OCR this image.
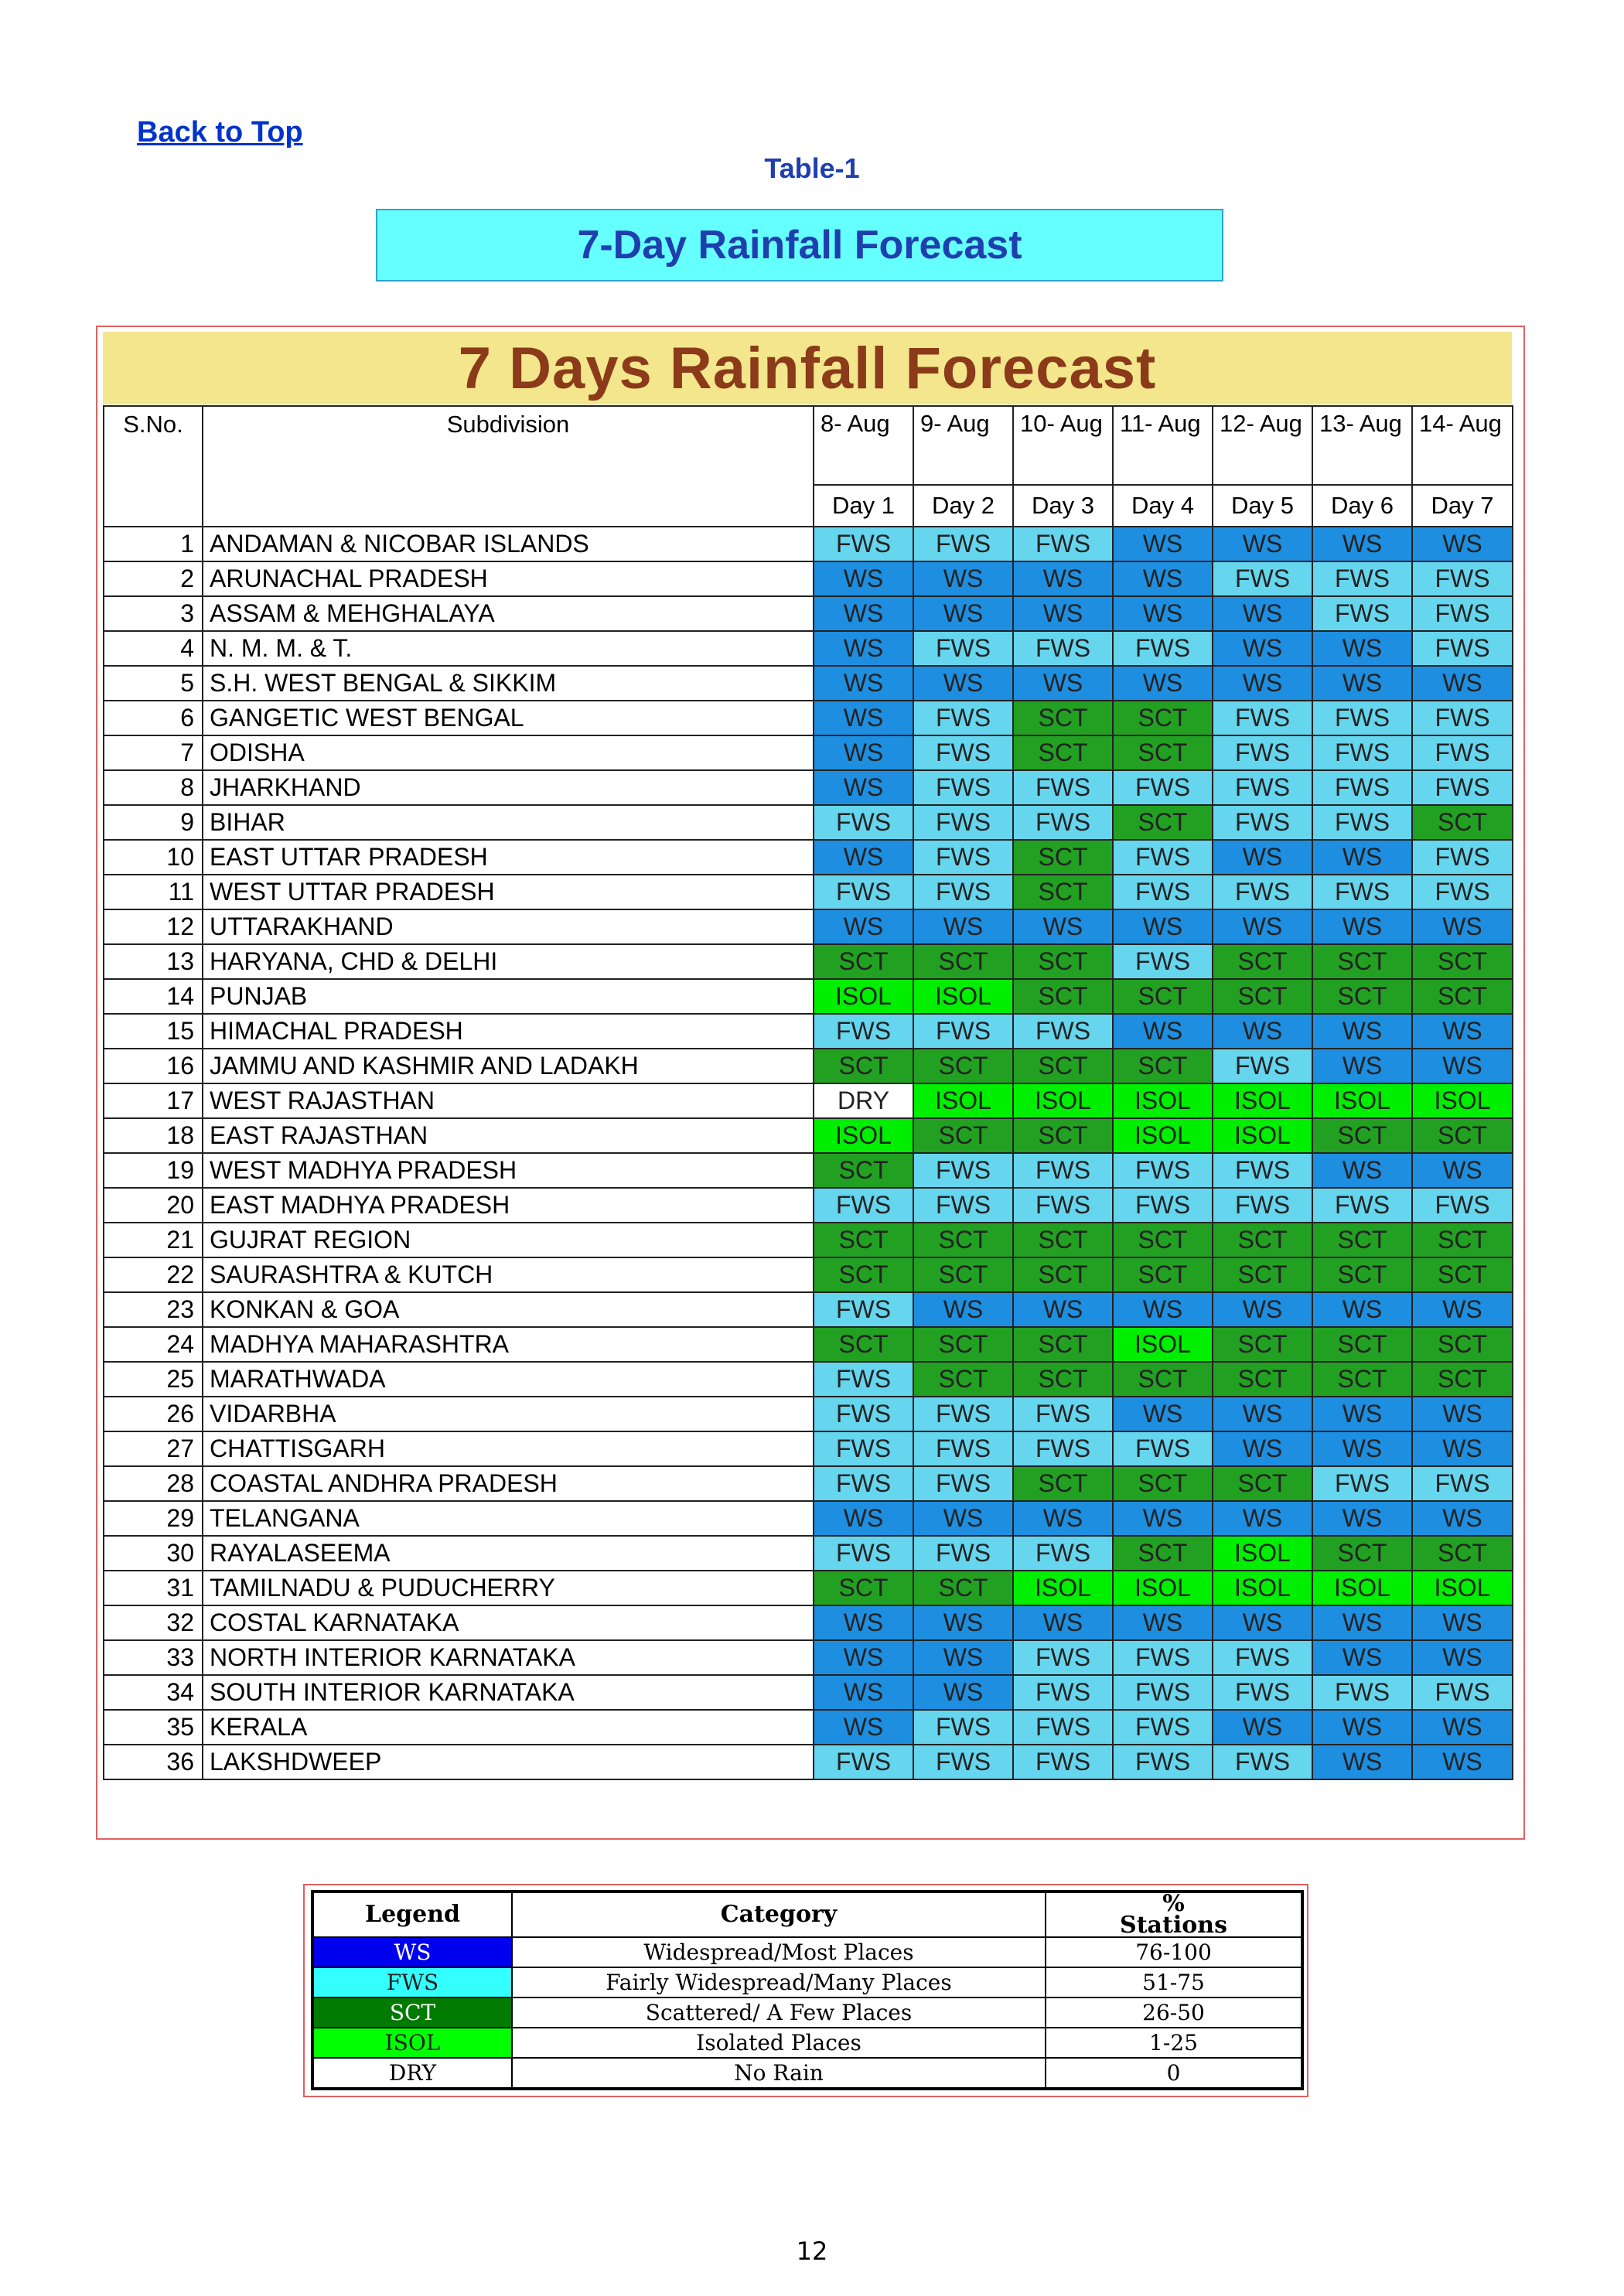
Back to Top
Table-1
7-Day Rainfall Forecast
7 Days Rainfall Forecast
S.No.	Subdivision	8- Aug	9- Aug	10- Aug	11- Aug	12- Aug	13- Aug	14- Aug
		Day 1	Day 2	Day 3	Day 4	Day 5	Day 6	Day 7
1	ANDAMAN & NICOBAR ISLANDS	FWS	FWS	FWS	WS	WS	WS	WS
2	ARUNACHAL PRADESH	WS	WS	WS	WS	FWS	FWS	FWS
3	ASSAM & MEHGHALAYA	WS	WS	WS	WS	WS	FWS	FWS
4	N. M. M. & T.	WS	FWS	FWS	FWS	WS	WS	FWS
5	S.H. WEST BENGAL & SIKKIM	WS	WS	WS	WS	WS	WS	WS
6	GANGETIC WEST BENGAL	WS	FWS	SCT	SCT	FWS	FWS	FWS
7	ODISHA	WS	FWS	SCT	SCT	FWS	FWS	FWS
8	JHARKHAND	WS	FWS	FWS	FWS	FWS	FWS	FWS
9	BIHAR	FWS	FWS	FWS	SCT	FWS	FWS	SCT
10	EAST UTTAR PRADESH	WS	FWS	SCT	FWS	WS	WS	FWS
11	WEST UTTAR PRADESH	FWS	FWS	SCT	FWS	FWS	FWS	FWS
12	UTTARAKHAND	WS	WS	WS	WS	WS	WS	WS
13	HARYANA, CHD & DELHI	SCT	SCT	SCT	FWS	SCT	SCT	SCT
14	PUNJAB	ISOL	ISOL	SCT	SCT	SCT	SCT	SCT
15	HIMACHAL PRADESH	FWS	FWS	FWS	WS	WS	WS	WS
16	JAMMU AND KASHMIR AND LADAKH	SCT	SCT	SCT	SCT	FWS	WS	WS
17	WEST RAJASTHAN	DRY	ISOL	ISOL	ISOL	ISOL	ISOL	ISOL
18	EAST RAJASTHAN	ISOL	SCT	SCT	ISOL	ISOL	SCT	SCT
19	WEST MADHYA PRADESH	SCT	FWS	FWS	FWS	FWS	WS	WS
20	EAST MADHYA PRADESH	FWS	FWS	FWS	FWS	FWS	FWS	FWS
21	GUJRAT REGION	SCT	SCT	SCT	SCT	SCT	SCT	SCT
22	SAURASHTRA & KUTCH	SCT	SCT	SCT	SCT	SCT	SCT	SCT
23	KONKAN & GOA	FWS	WS	WS	WS	WS	WS	WS
24	MADHYA MAHARASHTRA	SCT	SCT	SCT	ISOL	SCT	SCT	SCT
25	MARATHWADA	FWS	SCT	SCT	SCT	SCT	SCT	SCT
26	VIDARBHA	FWS	FWS	FWS	WS	WS	WS	WS
27	CHATTISGARH	FWS	FWS	FWS	FWS	WS	WS	WS
28	COASTAL ANDHRA PRADESH	FWS	FWS	SCT	SCT	SCT	FWS	FWS
29	TELANGANA	WS	WS	WS	WS	WS	WS	WS
30	RAYALASEEMA	FWS	FWS	FWS	SCT	ISOL	SCT	SCT
31	TAMILNADU & PUDUCHERRY	SCT	SCT	ISOL	ISOL	ISOL	ISOL	ISOL
32	COSTAL KARNATAKA	WS	WS	WS	WS	WS	WS	WS
33	NORTH INTERIOR KARNATAKA	WS	WS	FWS	FWS	FWS	WS	WS
34	SOUTH INTERIOR KARNATAKA	WS	WS	FWS	FWS	FWS	FWS	FWS
35	KERALA	WS	FWS	FWS	FWS	WS	WS	WS
36	LAKSHDWEEP	FWS	FWS	FWS	FWS	FWS	WS	WS
Legend	Category	%
Stations

WS	Widespread/Most Places	76-100
FWS	Fairly Widespread/Many Places	51-75
SCT	Scattered/ A Few Places	26-50
ISOL	Isolated Places	1-25
DRY	No Rain	0
12
